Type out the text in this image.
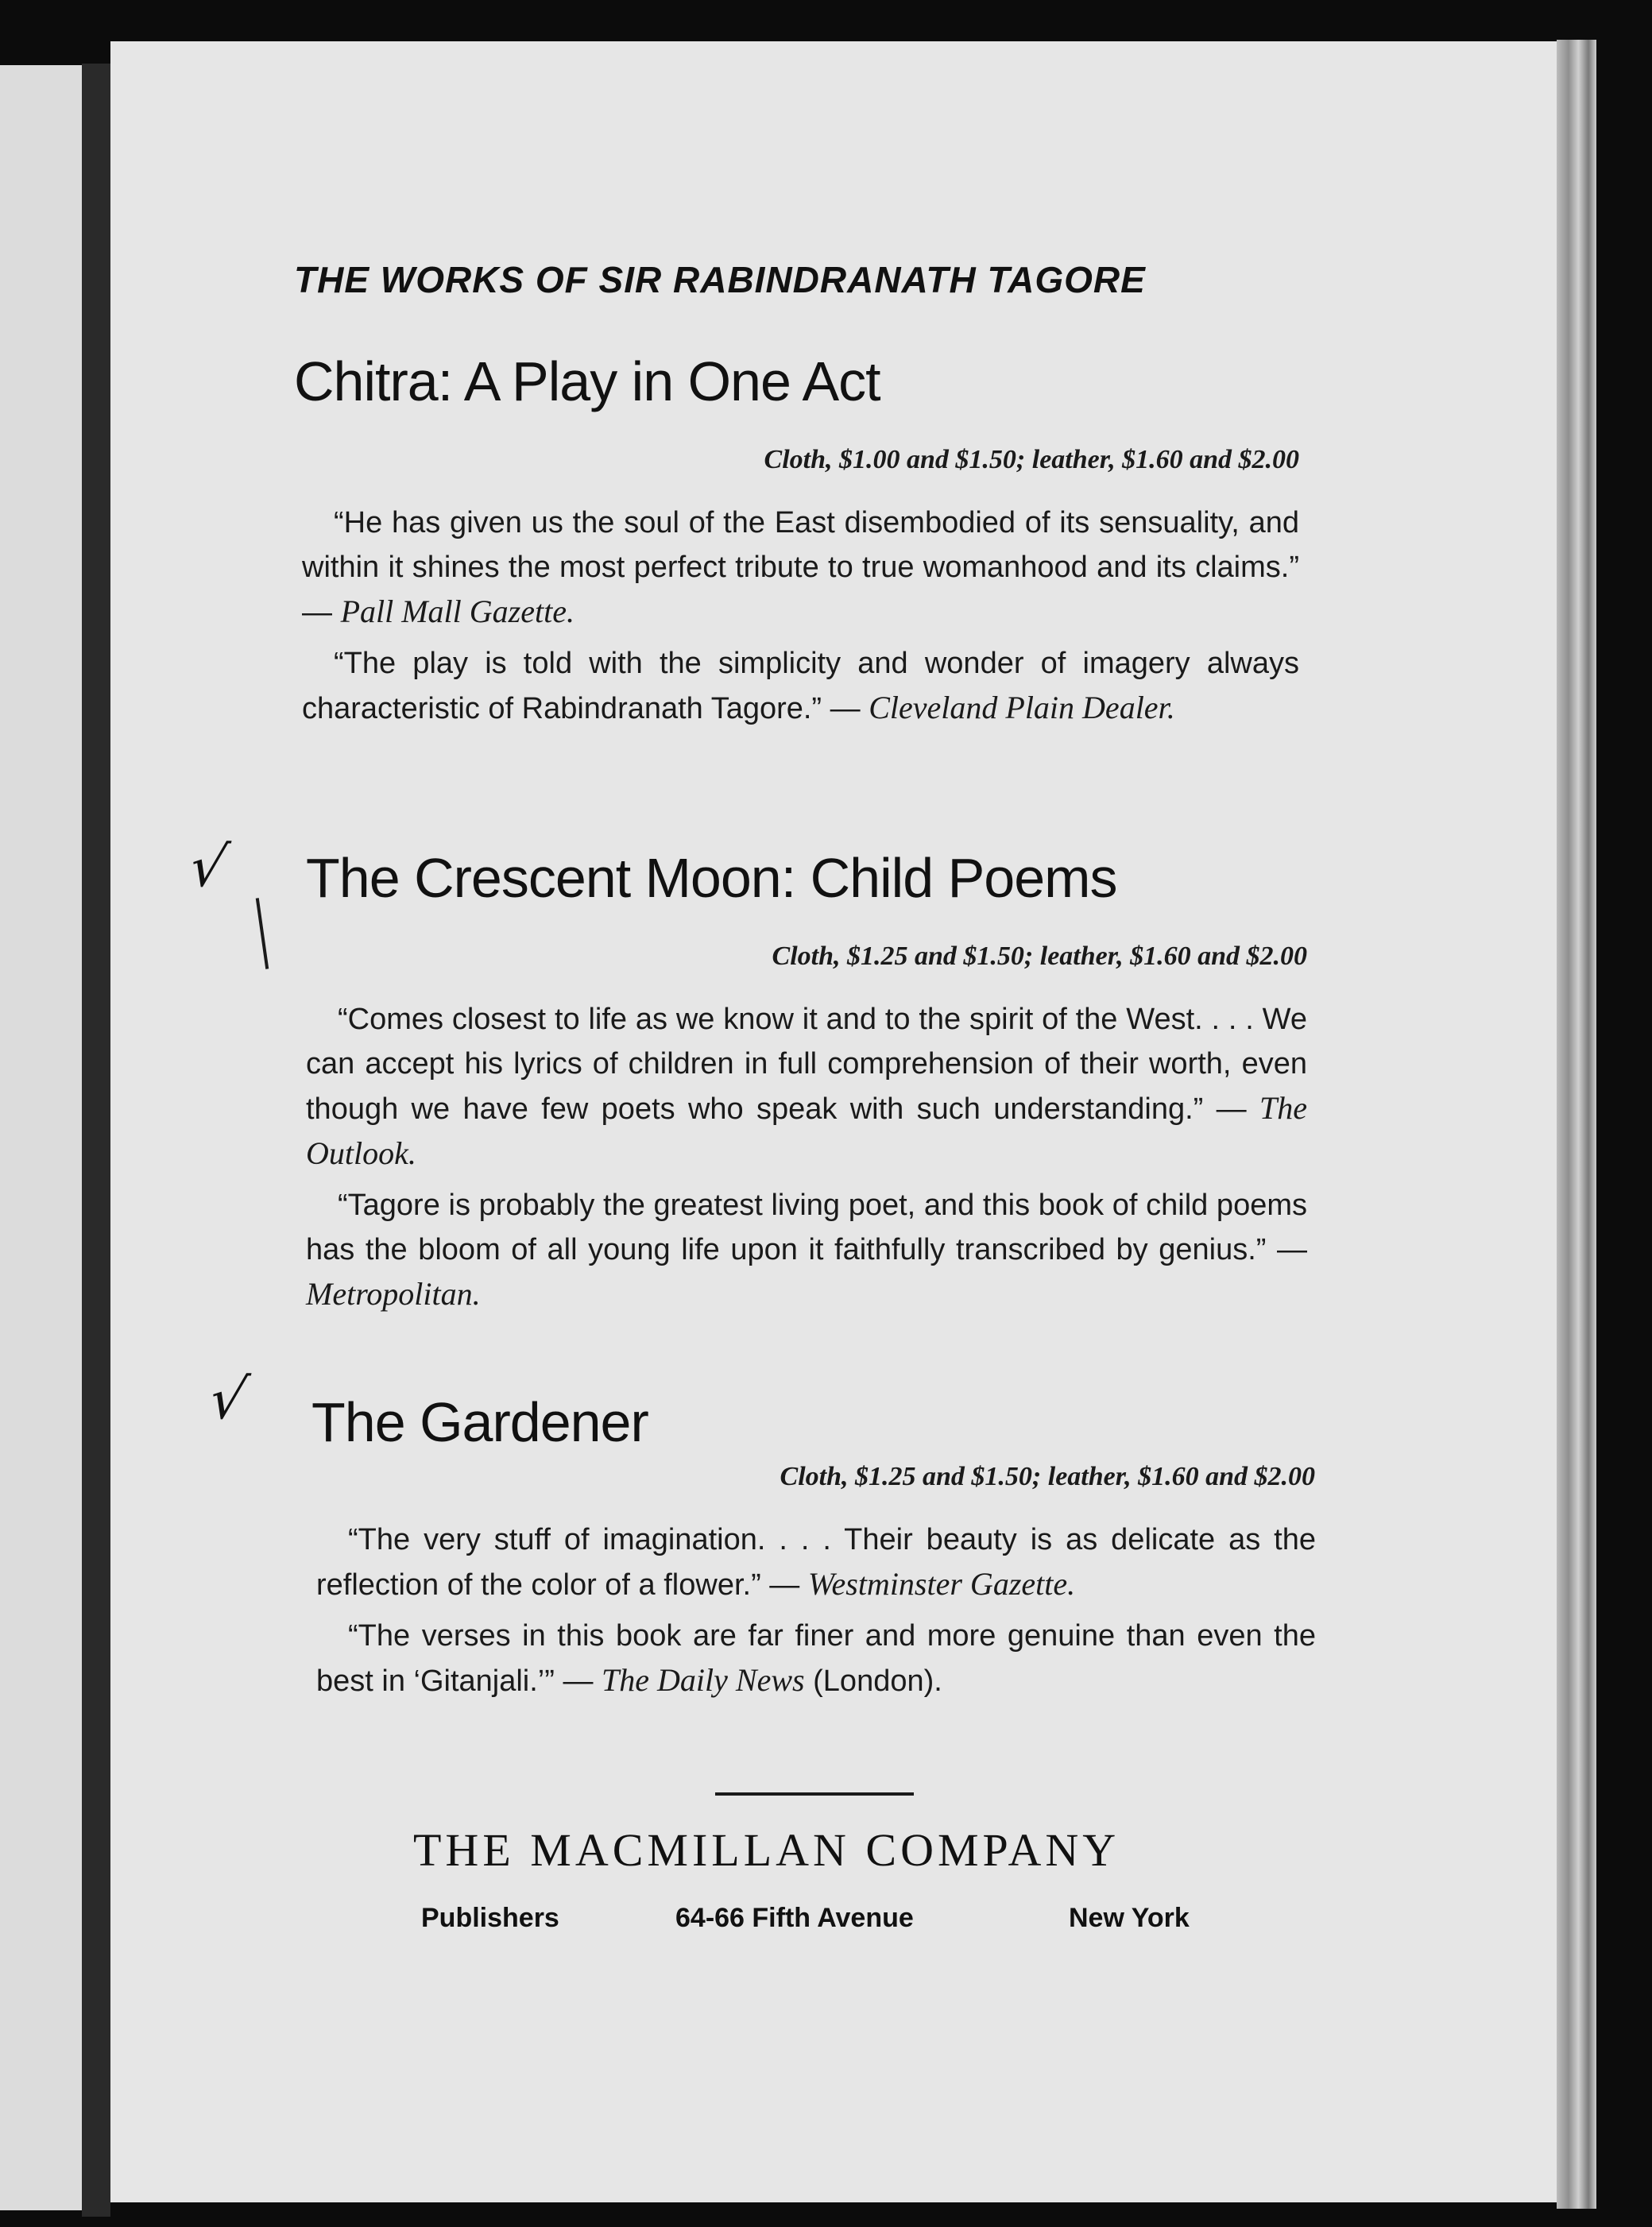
THE WORKS OF SIR RABINDRANATH TAGORE
Chitra: A Play in One Act
Cloth, $1.00 and $1.50; leather, $1.60 and $2.00

“He has given us the soul of the East disembodied of its sensuality, and within it shines the most perfect tribute to true womanhood and its claims.” — Pall Mall Gazette.

“The play is told with the simplicity and wonder of imagery always characteristic of Rabindranath Tagore.” — Cleveland Plain Dealer.

√ The Crescent Moon: Child Poems
Cloth, $1.25 and $1.50; leather, $1.60 and $2.00

“Comes closest to life as we know it and to the spirit of the West. . . . We can accept his lyrics of children in full comprehension of their worth, even though we have few poets who speak with such understanding.” — The Outlook.

“Tagore is probably the greatest living poet, and this book of child poems has the bloom of all young life upon it faithfully transcribed by genius.” — Metropolitan.

√ The Gardener
Cloth, $1.25 and $1.50; leather, $1.60 and $2.00

“The very stuff of imagination. . . . Their beauty is as delicate as the reflection of the color of a flower.” — Westminster Gazette.

“The verses in this book are far finer and more genuine than even the best in ‘Gitanjali.’” — The Daily News (London).

THE MACMILLAN COMPANY
Publishers	64-66 Fifth Avenue	New York
